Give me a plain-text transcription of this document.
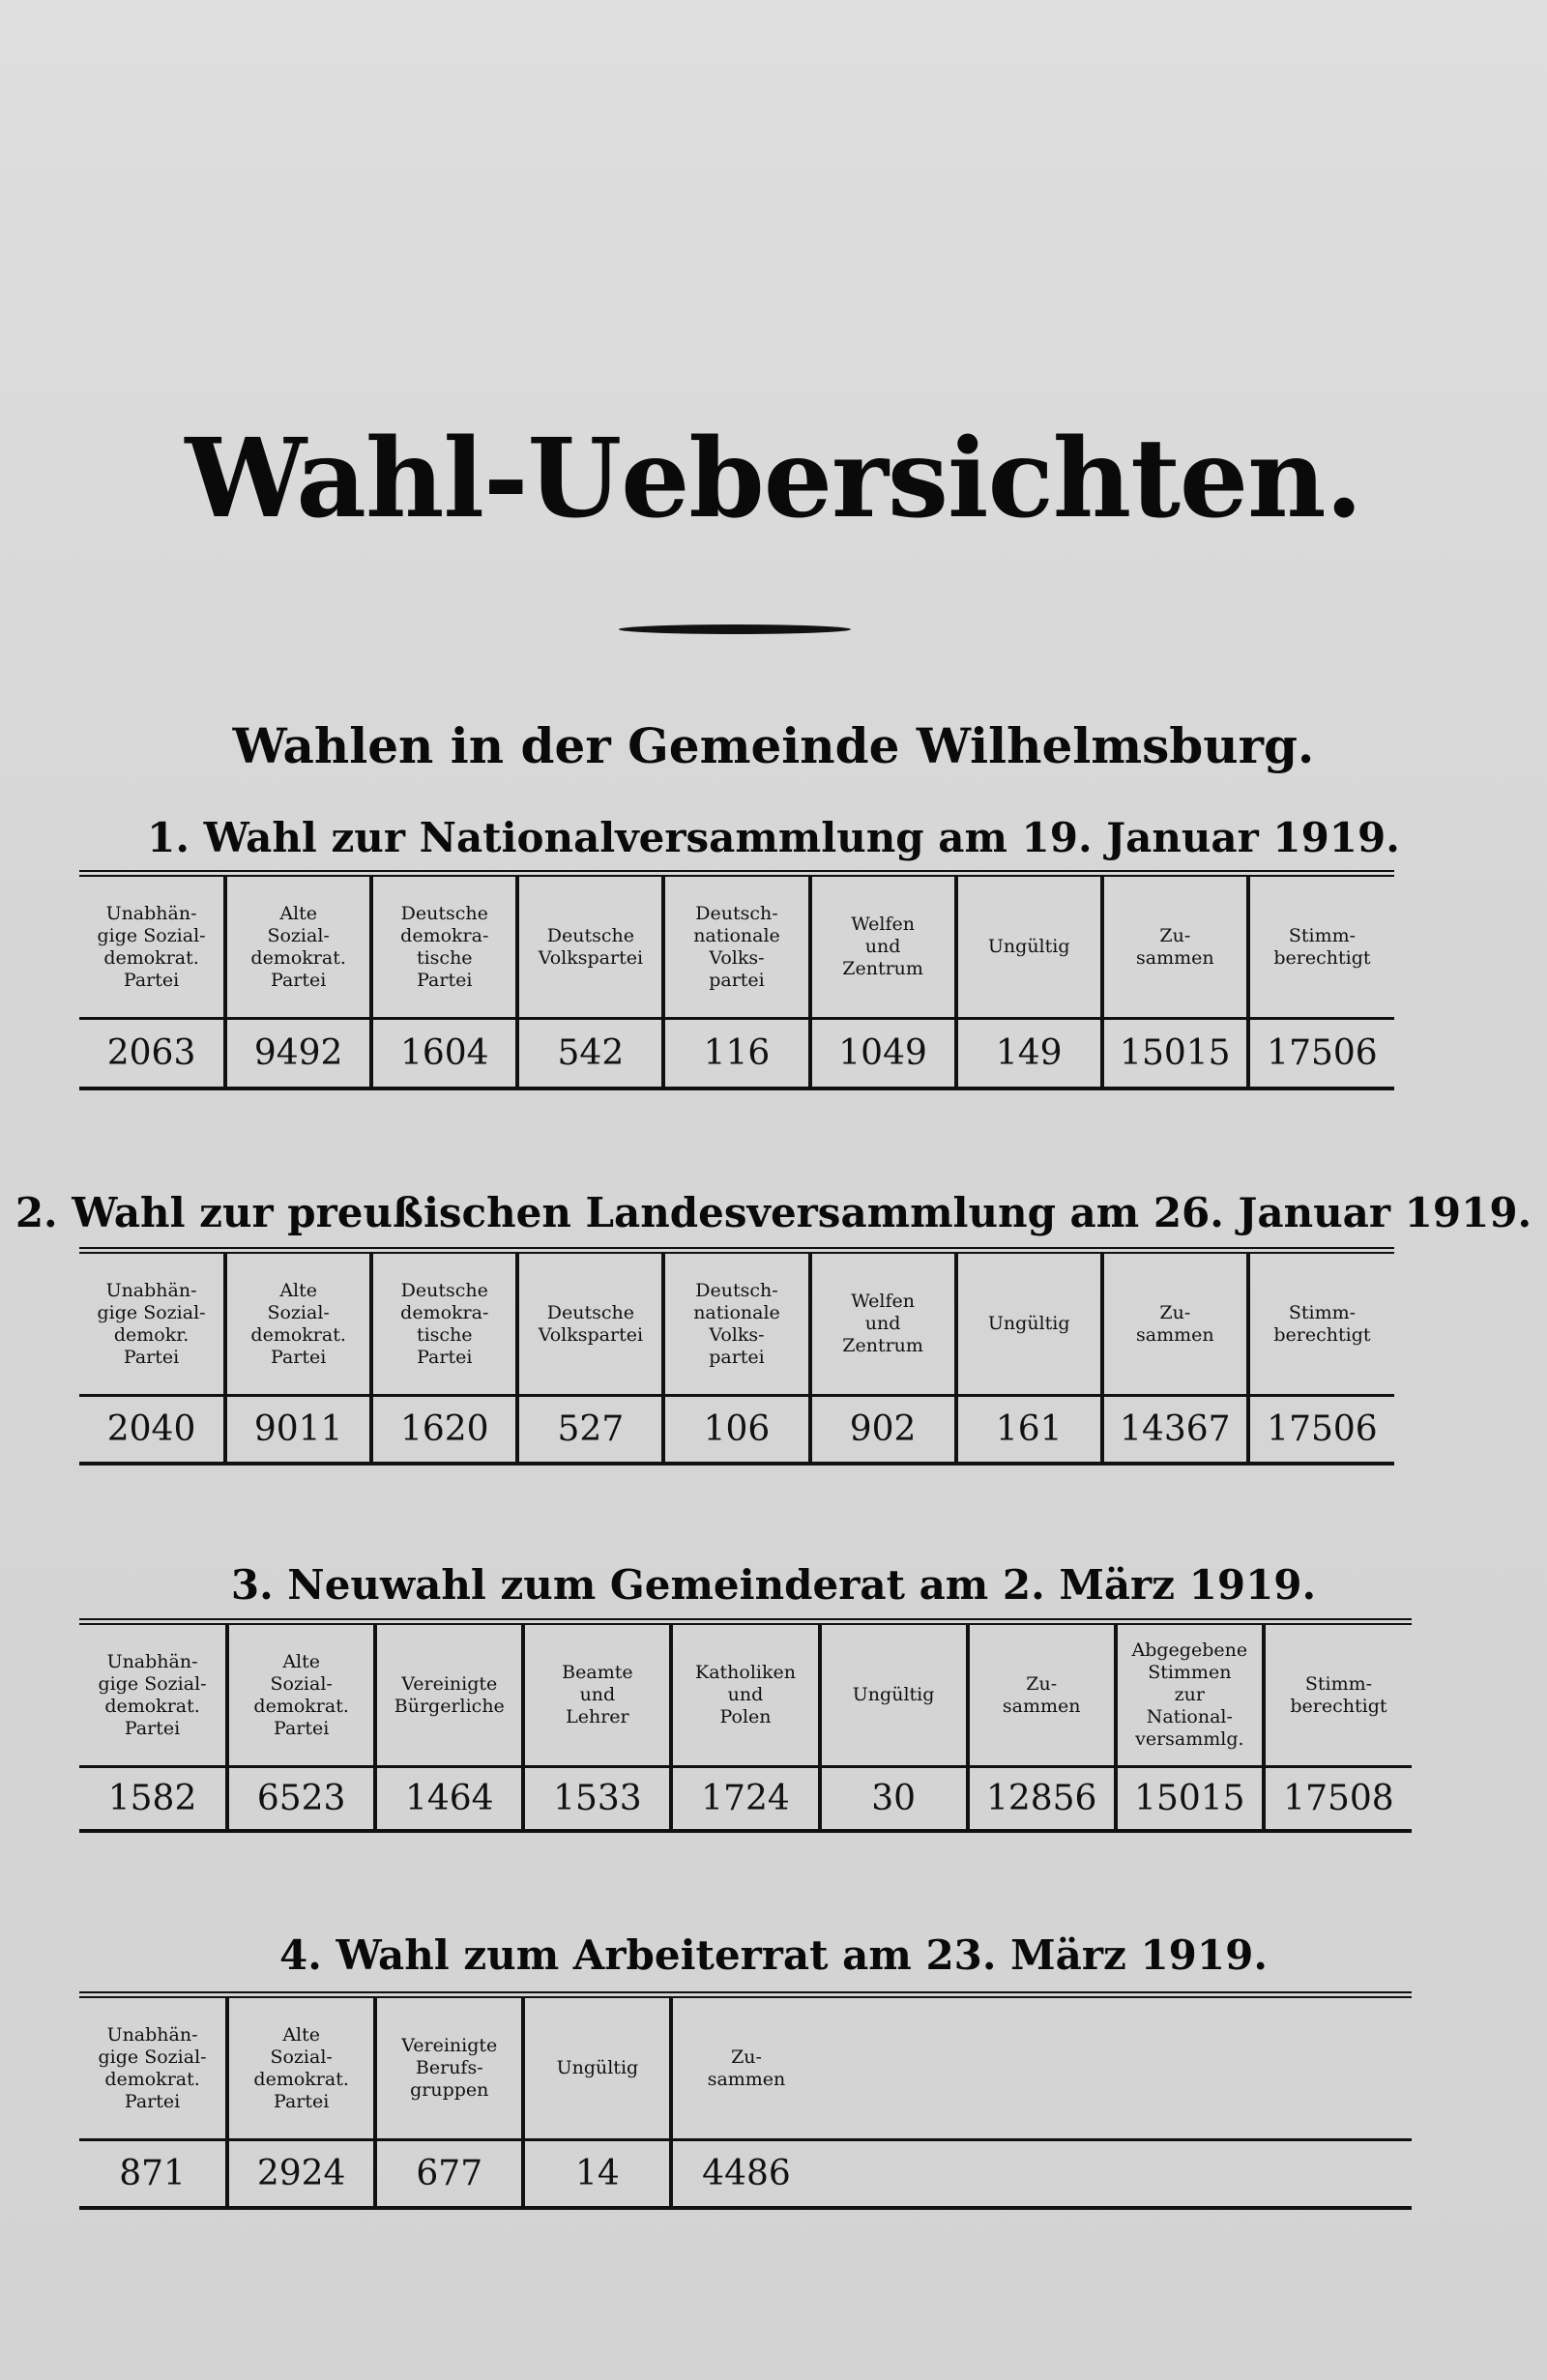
Wahl-Uebersichten.
Wahlen in der Gemeinde Wilhelmsburg.
1. Wahl zur Nationalversammlung am 19. Januar 1919.
Unabhän-
gige Sozial-
demokrat.
Partei	Alte
Sozial-
demokrat.
Partei	Deutsche
demokra-
tische
Partei	Deutsche
Volkspartei	Deutsch-
nationale
Volks-
partei	Welfen
und
Zentrum	Ungültig	Zu-
sammen	Stimm-
berechtigt

2063	9492	1604	542	116	1049	149	15015	17506
2. Wahl zur preußischen Landesversammlung am 26. Januar 1919.
Unabhän-
gige Sozial-
demokr.
Partei	Alte
Sozial-
demokrat.
Partei	Deutsche
demokra-
tische
Partei	Deutsche
Volkspartei	Deutsch-
nationale
Volks-
partei	Welfen
und
Zentrum	Ungültig	Zu-
sammen	Stimm-
berechtigt

2040	9011	1620	527	106	902	161	14367	17506
3. Neuwahl zum Gemeinderat am 2. März 1919.
Unabhän-
gige Sozial-
demokrat.
Partei	Alte
Sozial-
demokrat.
Partei	Vereinigte
Bürgerliche	Beamte
und
Lehrer	Katholiken
und
Polen	Ungültig	Zu-
sammen	Abgegebene
Stimmen
zur
National-
versammlg.	Stimm-
berechtigt

1582	6523	1464	1533	1724	30	12856	15015	17508
4. Wahl zum Arbeiterrat am 23. März 1919.
Unabhän-
gige Sozial-
demokrat.
Partei	Alte
Sozial-
demokrat.
Partei	Vereinigte
Berufs-
gruppen	Ungültig	Zu-
sammen				

871	2924	677	14	4486				
